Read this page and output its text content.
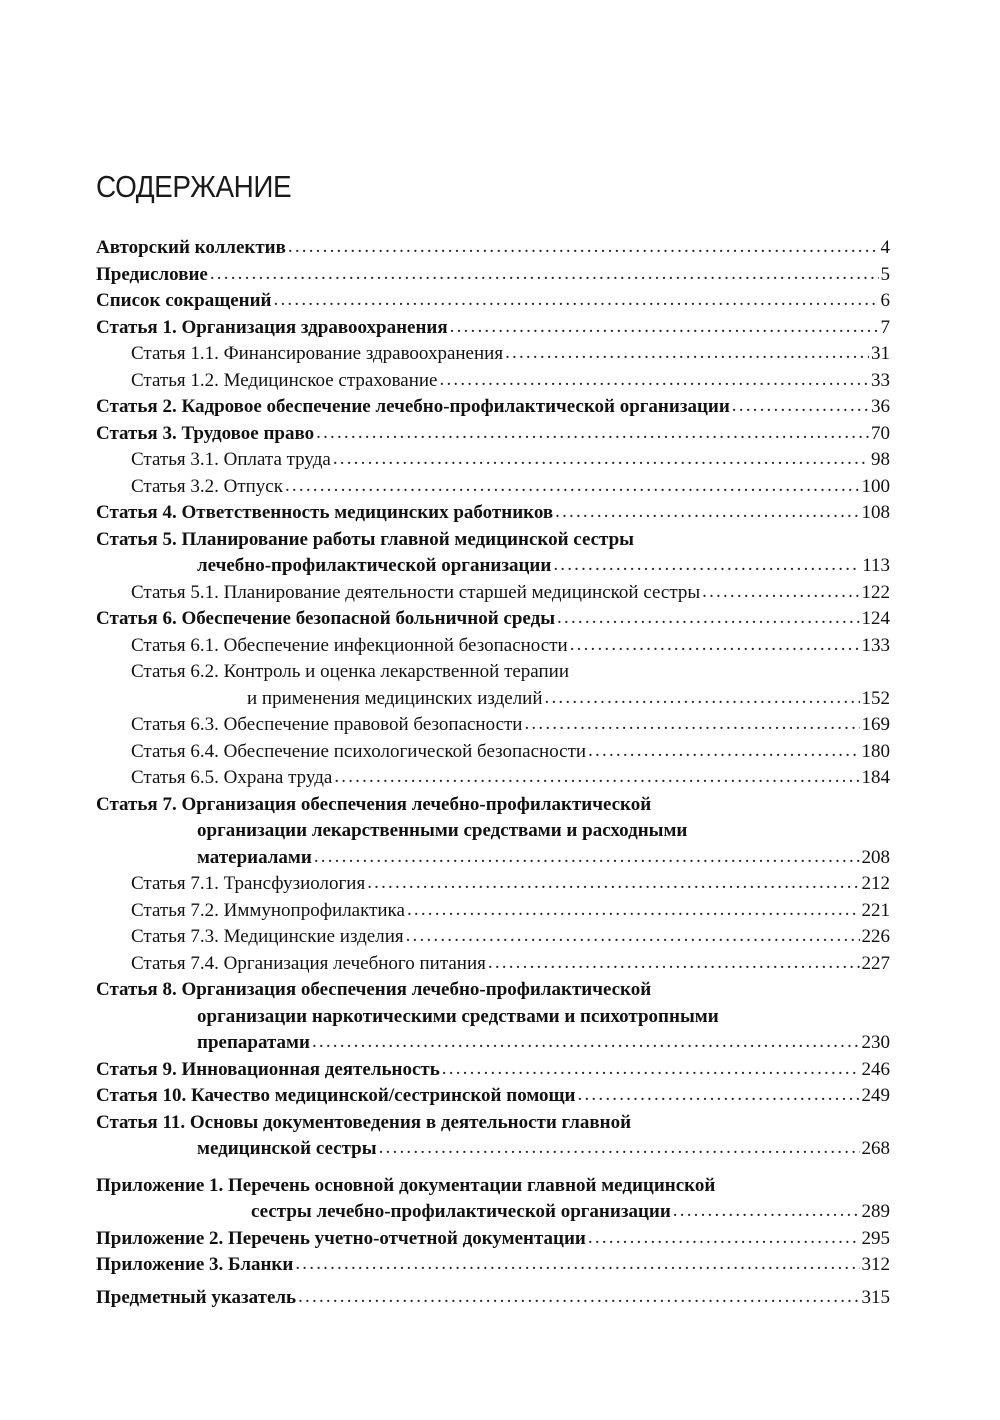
СОДЕРЖАНИЕ
Авторский коллектив .....	4
Предисловие .....	5
Список сокращений .....	6
Статья 1. Организация здравоохранения .....	7
Статья 1.1. Финансирование здравоохранения .....	31
Статья 1.2. Медицинское страхование .....	33
Статья 2. Кадровое обеспечение лечебно-профилактической организации .....	36
Статья 3. Трудовое право .....	70
Статья 3.1. Оплата труда .....	98
Статья 3.2. Отпуск .....	100
Статья 4. Ответственность медицинских работников .....	108
Статья 5. Планирование работы главной медицинской сестры
лечебно-профилактической организации .....	113
Статья 5.1. Планирование деятельности старшей медицинской сестры .....	122
Статья 6. Обеспечение безопасной больничной среды .....	124
Статья 6.1. Обеспечение инфекционной безопасности .....	133
Статья 6.2. Контроль и оценка лекарственной терапии
и применения медицинских изделий .....	152
Статья 6.3. Обеспечение правовой безопасности .....	169
Статья 6.4. Обеспечение психологической безопасности .....	180
Статья 6.5. Охрана труда .....	184
Статья 7. Организация обеспечения лечебно-профилактической
организации лекарственными средствами и расходными
материалами .....	208
Статья 7.1. Трансфузиология .....	212
Статья 7.2. Иммунопрофилактика .....	221
Статья 7.3. Медицинские изделия .....	226
Статья 7.4. Организация лечебного питания .....	227
Статья 8. Организация обеспечения лечебно-профилактической
организации наркотическими средствами и психотропными
препаратами .....	230
Статья 9. Инновационная деятельность .....	246
Статья 10. Качество медицинской/сестринской помощи .....	249
Статья 11. Основы документоведения в деятельности главной
медицинской сестры .....	268
Приложение 1. Перечень основной документации главной медицинской
сестры лечебно-профилактической организации .....	289
Приложение 2. Перечень учетно-отчетной документации .....	295
Приложение 3. Бланки .....	312
Предметный указатель .....	315
